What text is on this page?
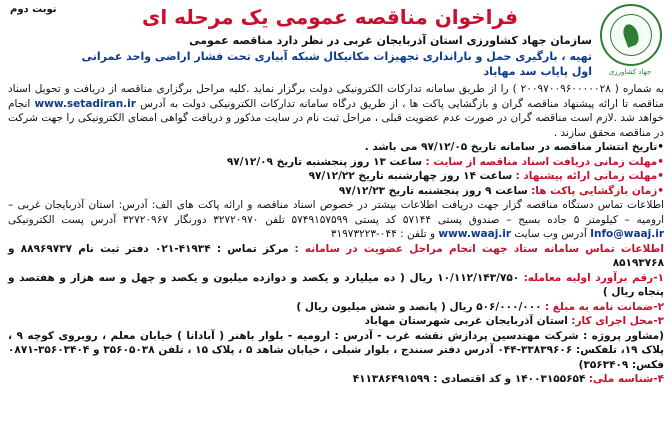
نوبت دوم	فراخوان مناقصه عمومی یک مرحله ای
جهاد کشاورزی
سازمان جهاد کشاورزی استان آذربایجان غربی در نظر دارد مناقصه عمومی
تهیه ، بارگیری حمل و بارانداری تجهیزات مکانیکال شبکه آبیاری تحت فشار اراضی واحد عمرانی اول پایاب سد مهاباد

به شماره ( ۲۰۰۹۷۰۰۹۶۰۰۰۰۰۲۸ ) را از طریق سامانه تدارکات الکترونیکی دولت برگزار نماید .کلیه مراحل برگزاری مناقصه از دریافت و تحویل اسناد مناقصه تا ارائه پیشنهاد مناقصه گران و بازگشایی پاکت ها ، از طریق درگاه سامانه تدارکات الکترونیکی دولت به آدرس www.setadiran.ir انجام خواهد شد .لازم است مناقصه گران در صورت عدم عضویت قبلی ، مراحل ثبت نام در سایت مذکور و دریافت گواهی امضای الکترونیکی را جهت شرکت در مناقصه محقق سازند .

•تاریخ انتشار مناقصه در سامانه تاریخ ۹۷/۱۲/۰۵ می باشد .

•مهلت زمانی دریافت اسناد مناقصه از سایت : ساعت ۱۳ روز پنجشنبه تاریخ ۹۷/۱۲/۰۹

•مهلت زمانی ارائه پیشنهاد : ساعت ۱۴ روز چهارشنبه تاریخ ۹۷/۱۲/۲۲

•زمان بازگشایی پاکت ها: ساعت ۹ روز پنجشنبه تاریخ ۹۷/۱۲/۲۳

اطلاعات تماس دستگاه مناقصه گزار جهت دریافت اطلاعات بیشتر در خصوص اسناد مناقصه و ارائه پاکت های الف: آدرس: استان آذربایجان غربی – ارومیه – کیلومتر ۵ جاده بسیج – صندوق پستی ۵۷۱۴۴ کد پستی ۵۷۴۹۱۵۷۵۹۹ تلفن ۳۲۷۲۰۹۷۰ دورنگار ۳۲۷۲۰۹۶۷ آدرس پست الکترونیکی Info@waaj.ir آدرس وب سایت www.waaj.ir و تلفن : ۰۴۴-۳۱۹۷۳۲۲۳

اطلاعات تماس سامانه ستاد جهت انجام مراحل عضویت در سامانه : مرکز تماس : ۴۱۹۳۴-۰۲۱ دفتر ثبت نام ۸۸۹۶۹۷۳۷ و ۸۵۱۹۳۷۶۸

۱-رقم برآورد اولیه معامله: ۱۰/۱۱۲/۱۴۳/۷۵۰ ریال ( ده میلیارد و یکصد و دوازده میلیون و یکصد و چهل و سه هزار و هفتصد و پنجاه ریال )

۲-ضمانت نامه به مبلغ : ۵۰۶/۰۰۰/۰۰۰ ریال ( پانصد و شش میلیون ریال )

۳-محل اجرای کار: استان آذربایجان غربی شهرستان مهاباد

(مشاور پروژه : شرکت مهندسین پردازش نقشه غرب - آدرس : ارومیه - بلوار باهنر ( آبادانا ) خیابان معلم ، روبروی کوچه ۹ ، پلاک ۱۹، تلفکس: ۳۳۸۳۹۶۰۶-۰۴۴ آدرس دفتر سنندج ، بلوار شبلی ، خیابان شاهد ۵ ، پلاک ۱۵ ، تلفن ۳۵۶۰۵۰۳۸ و ۳۵۶۰۳۴۰۴-۰۸۷۱ فکس: ۳۵۶۳۴۰۹)

۴-شناسه ملی: ۱۴۰۰۳۱۵۵۶۵۴ و کد اقتصادی : ۴۱۱۳۸۶۴۹۱۵۹۹
